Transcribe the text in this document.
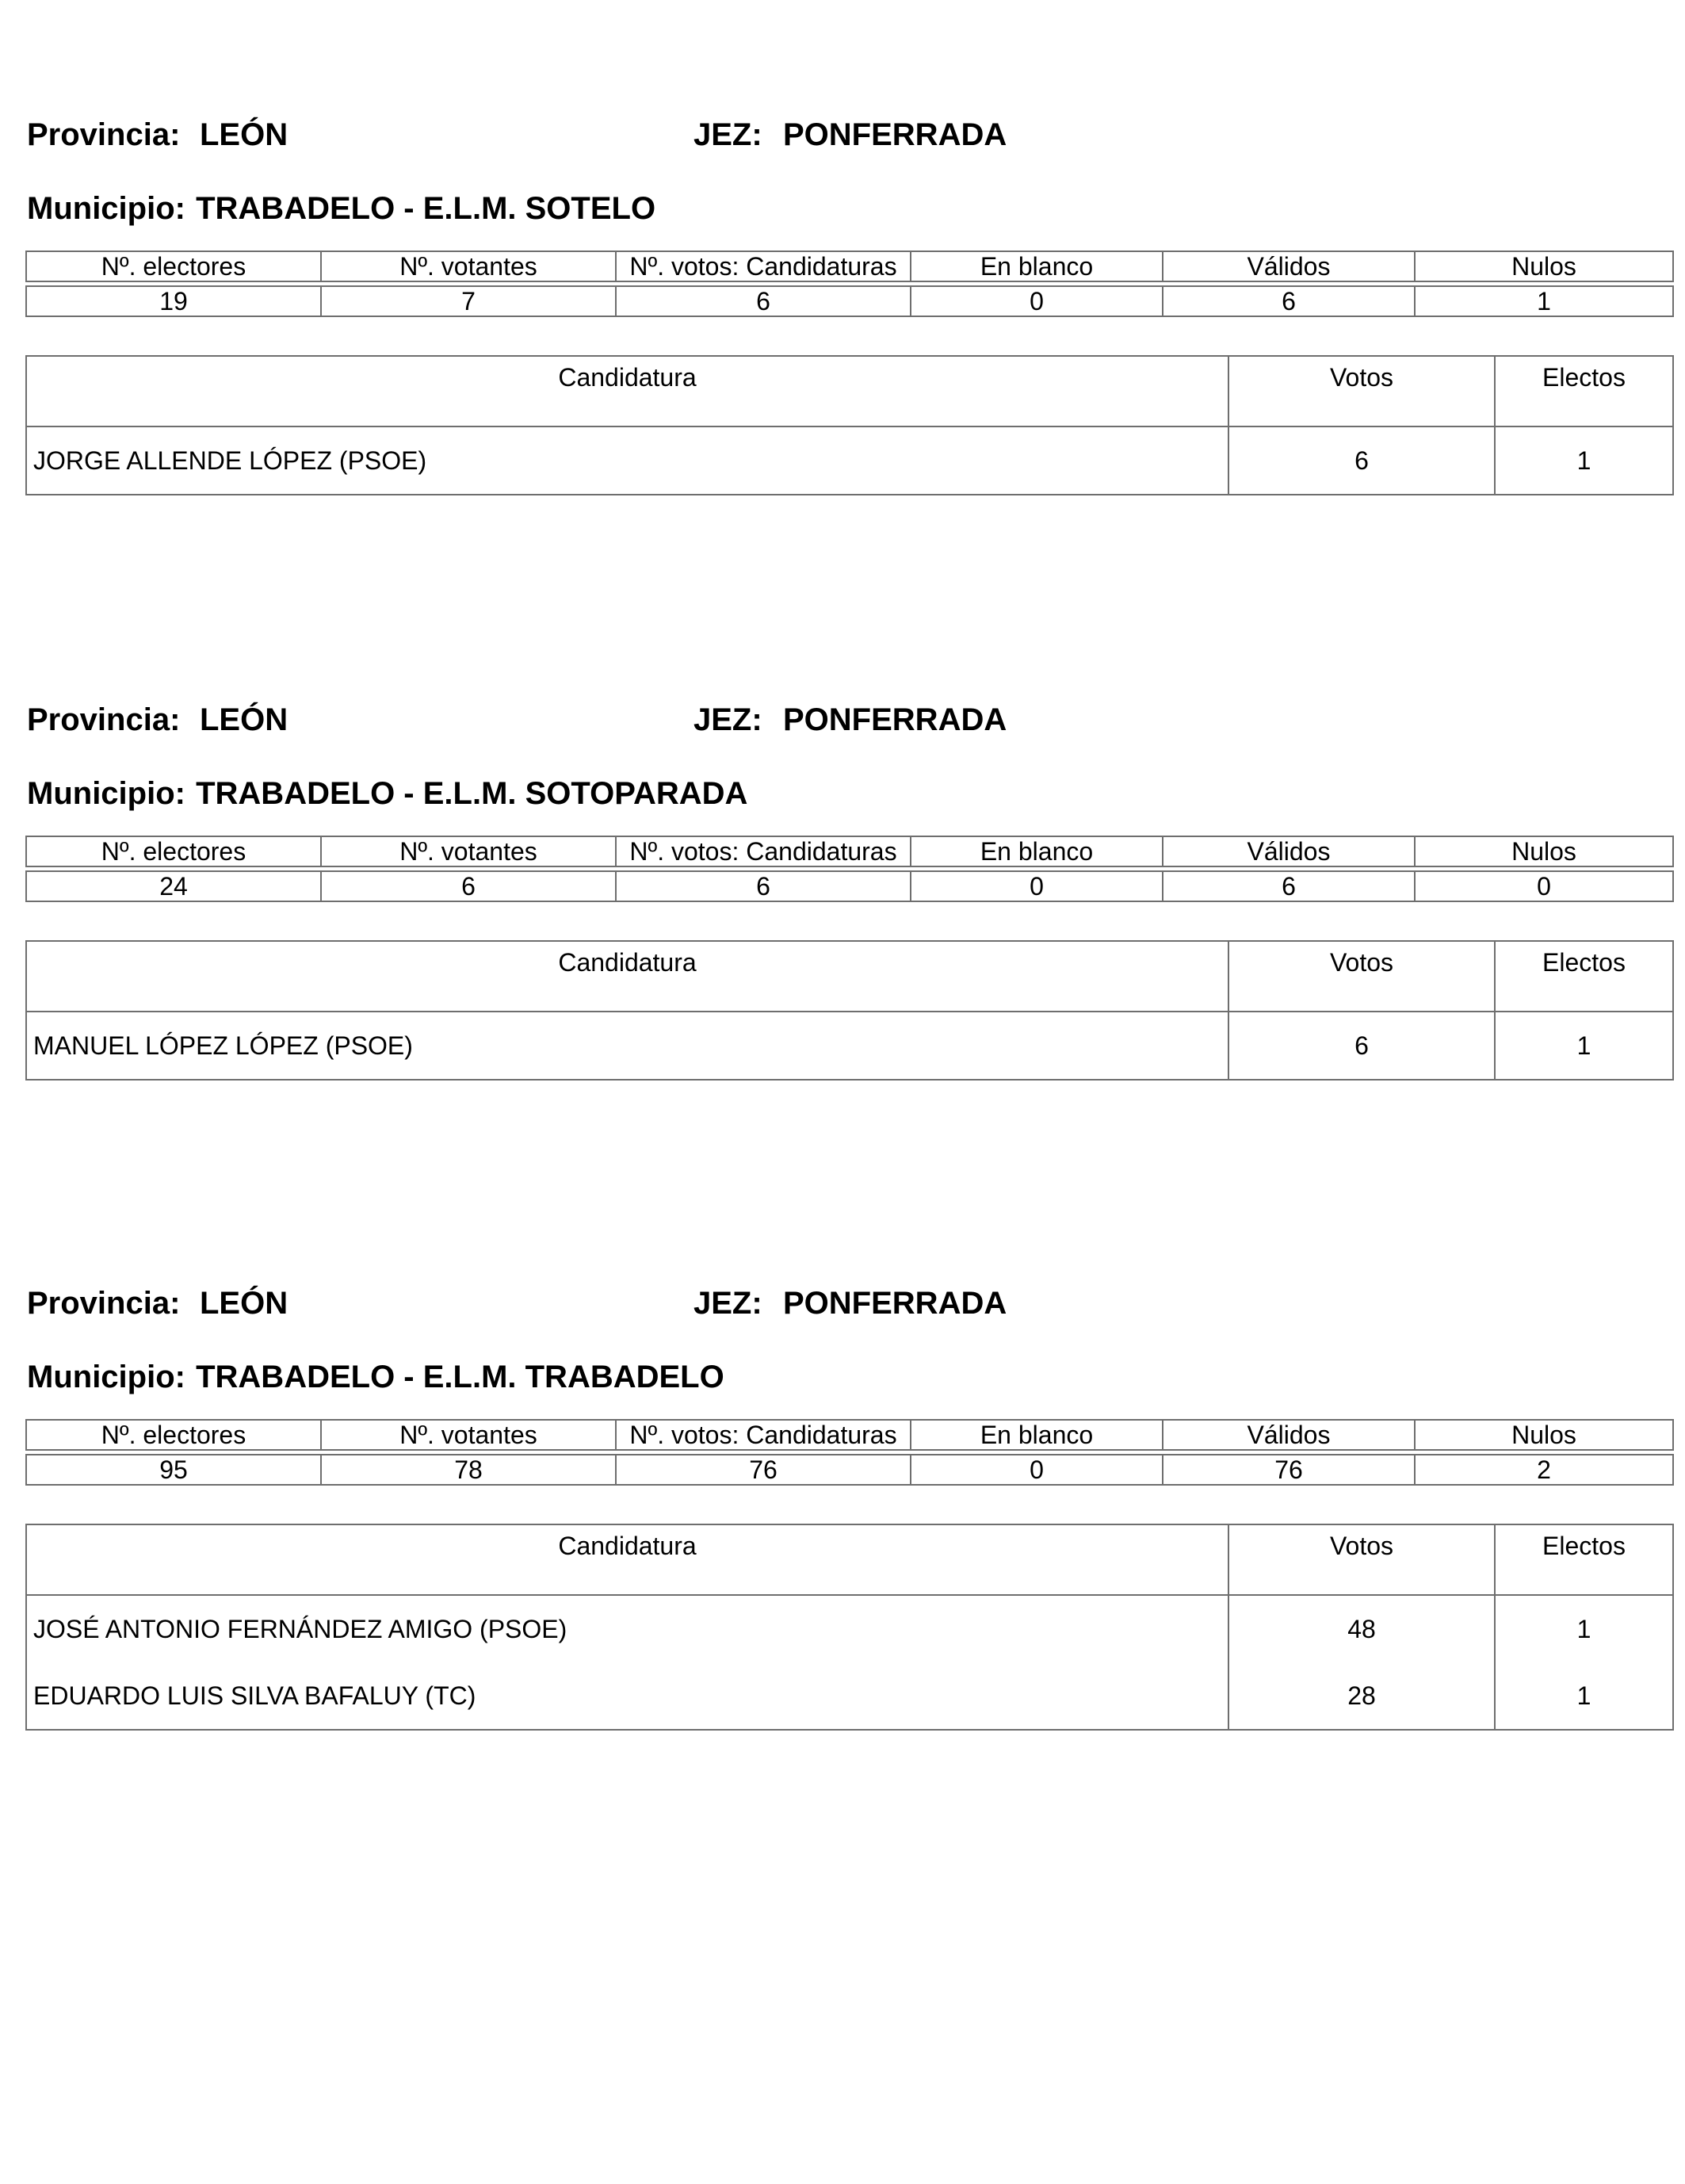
Provincia: LEÓN	JEZ: PONFERRADA
Municipio: TRABADELO - E.L.M. SOTELO
Nº. electores	Nº. votantes	Nº. votos: Candidaturas	En blanco	Válidos	Nulos

19	7	6	0	6	1
Candidatura	Votos	Electos
JORGE ALLENDE LÓPEZ (PSOE)	6	1
Provincia: LEÓN	JEZ: PONFERRADA
Municipio: TRABADELO - E.L.M. SOTOPARADA
Nº. electores	Nº. votantes	Nº. votos: Candidaturas	En blanco	Válidos	Nulos

24	6	6	0	6	0
Candidatura	Votos	Electos
MANUEL LÓPEZ LÓPEZ (PSOE)	6	1
Provincia: LEÓN	JEZ: PONFERRADA
Municipio: TRABADELO - E.L.M. TRABADELO
Nº. electores	Nº. votantes	Nº. votos: Candidaturas	En blanco	Válidos	Nulos

95	78	76	0	76	2
Candidatura	Votos	Electos
JOSÉ ANTONIO FERNÁNDEZ AMIGO (PSOE)	48	1
EDUARDO LUIS SILVA BAFALUY (TC)	28	1
